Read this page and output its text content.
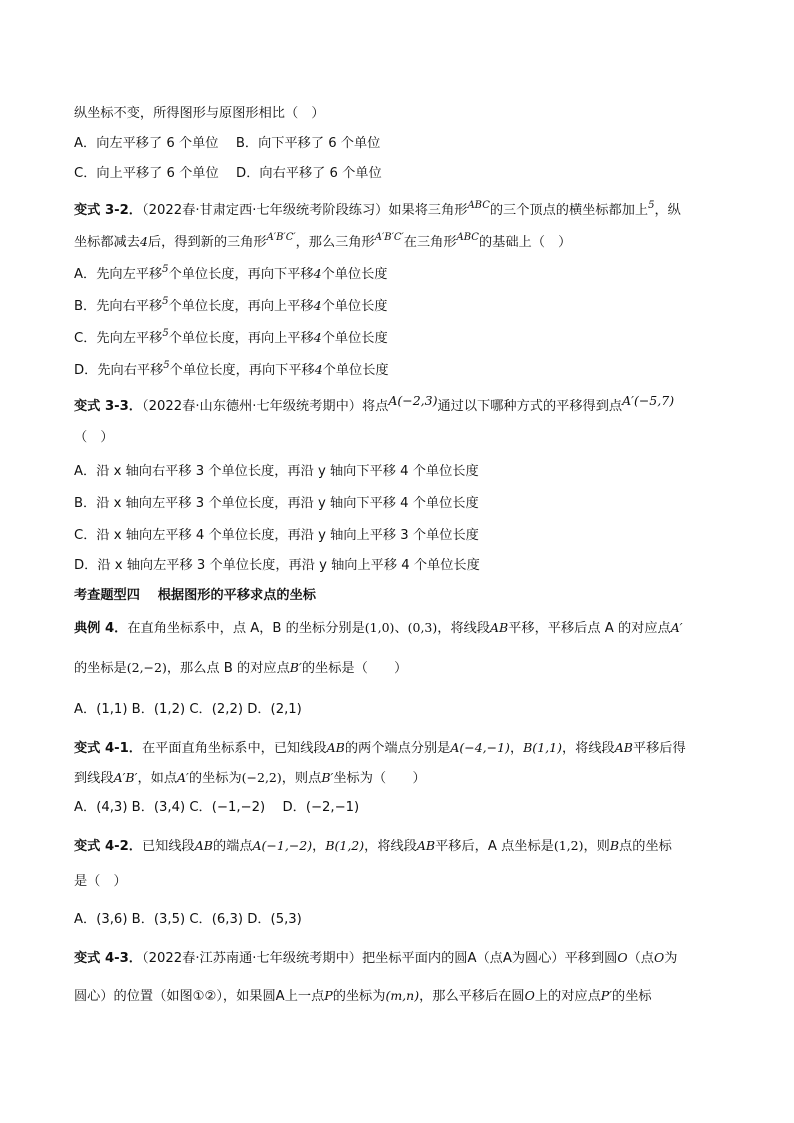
纵坐标不变，所得图形与原图形相比（　）
A．向左平移了 6 个单位　 B．向下平移了 6 个单位
C．向上平移了 6 个单位　 D．向右平移了 6 个单位
变式 3-2．（2022春·甘肃定西·七年级统考阶段练习）如果将三角形$^{ABC}$的三个顶点的横坐标都加上$^5$，纵
坐标都减去4后，得到新的三角形$^{A'B'C'}$，那么三角形$^{A'B'C'}$在三角形$^{ABC}$的基础上（　）
A．先向左平移$^5$个单位长度，再向下平移4个单位长度
B．先向右平移$^5$个单位长度，再向上平移4个单位长度
C．先向左平移$^5$个单位长度，再向上平移4个单位长度
D．先向右平移$^5$个单位长度，再向下平移4个单位长度
变式 3-3．（2022春·山东德州·七年级统考期中）将点A(−2,3)通过以下哪种方式的平移得到点A′(−5,7)
（　）
A．沿 x 轴向右平移 3 个单位长度，再沿 y 轴向下平移 4 个单位长度
B．沿 x 轴向左平移 3 个单位长度，再沿 y 轴向下平移 4 个单位长度
C．沿 x 轴向左平移 4 个单位长度，再沿 y 轴向上平移 3 个单位长度
D．沿 x 轴向左平移 3 个单位长度，再沿 y 轴向上平移 4 个单位长度
考查题型四　 根据图形的平移求点的坐标
典例 4．在直角坐标系中，点 A，B 的坐标分别是(1,0)、(0,3)，将线段AB平移，平移后点 A 的对应点A′
的坐标是(2,−2)，那么点 B 的对应点B′的坐标是（　　）
A．(1,1) B．(1,2) C．(2,2) D．(2,1)
变式 4-1．在平面直角坐标系中，已知线段AB的两个端点分别是A(−4,−1)，B(1,1)，将线段AB平移后得
到线段A′B′，如点A′的坐标为(−2,2)，则点B′坐标为（　　）
A．(4,3) B．(3,4) C．(−1,−2)　 D．(−2,−1)
变式 4-2．已知线段AB的端点A(−1,−2)，B(1,2)，将线段AB平移后，A 点坐标是(1,2)，则B点的坐标
是（　）
A．(3,6) B．(3,5) C．(6,3) D．(5,3)
变式 4-3．（2022春·江苏南通·七年级统考期中）把坐标平面内的圆A（点A为圆心）平移到圆O（点O为
圆心）的位置（如图①②），如果圆A上一点P的坐标为(m,n)，那么平移后在圆O上的对应点P′的坐标
